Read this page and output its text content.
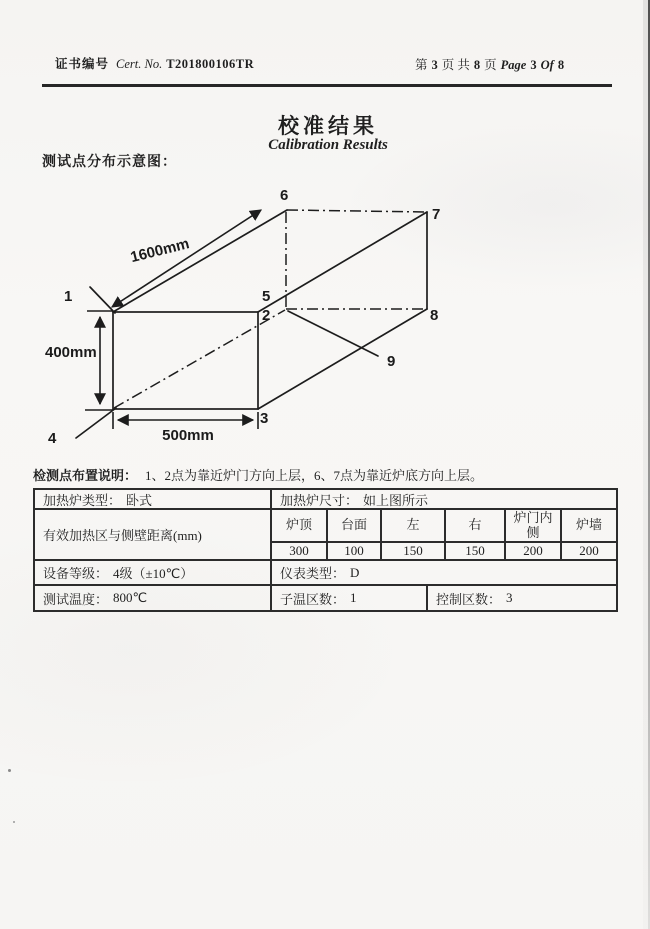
证书编号 Cert. No. T201800106TR	第 3 页 共 8 页 Page 3 Of 8
校准结果
Calibration Results
测试点分布示意图：
1
2
3
4
5
6
7
8
9
1600mm
400mm
500mm
检测点布置说明： 1、2点为靠近炉门方向上层，6、7点为靠近炉底方向上层。
加热炉类型： 卧式	加热炉尺寸： 如上图所示
有效加热区与侧壁距离(mm)
炉顶	台面	左	右	炉门内侧	炉墙
300	100	150	150	200	200
设备等级： 4级（±10℃）	仪表类型： D
测试温度： 800℃	子温区数： 1	控制区数： 3
